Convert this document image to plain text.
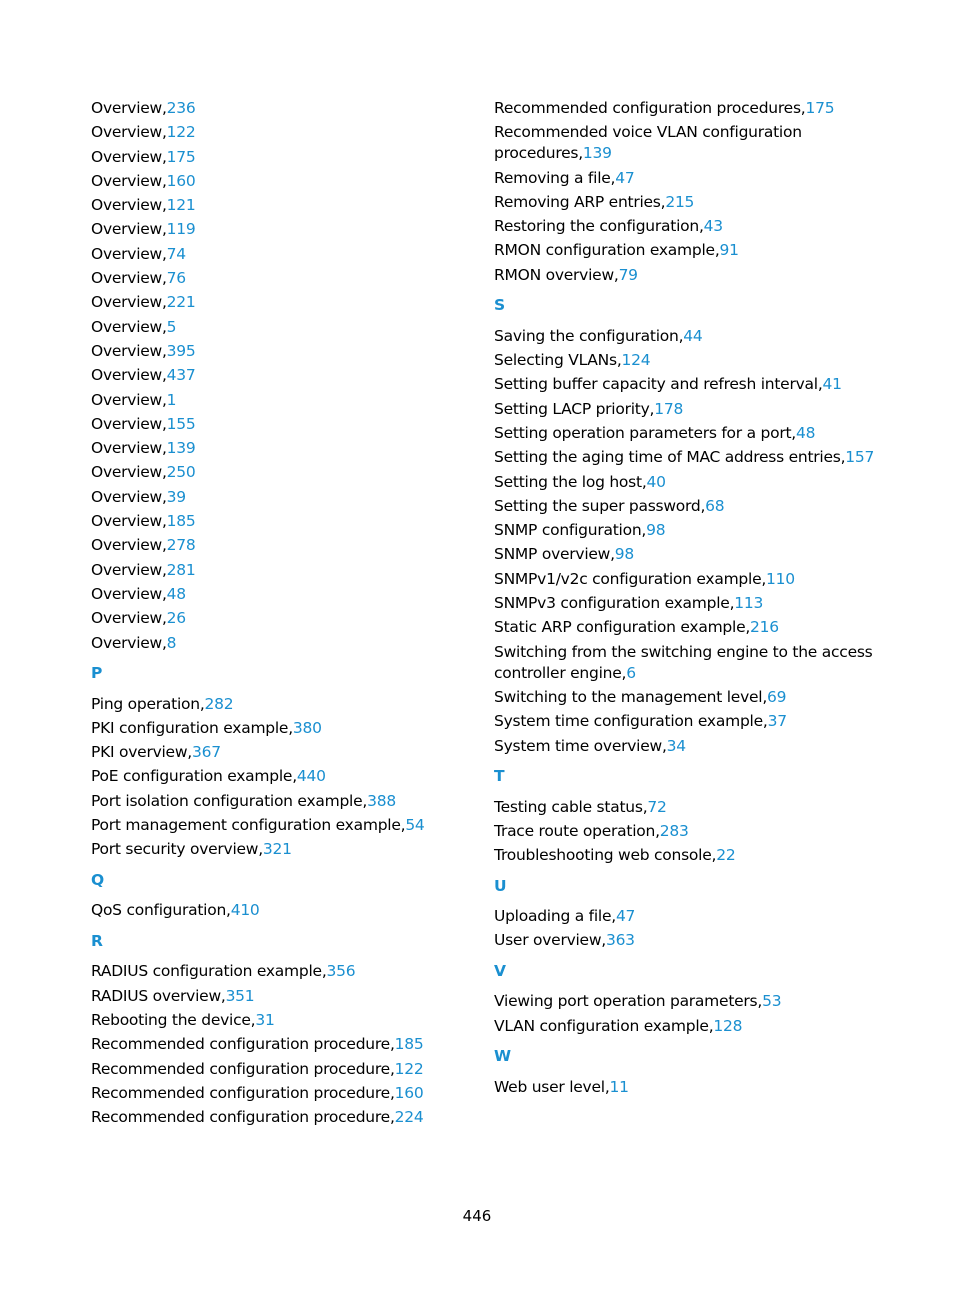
Overview,236
Overview,122
Overview,175
Overview,160
Overview,121
Overview,119
Overview,74
Overview,76
Overview,221
Overview,5
Overview,395
Overview,437
Overview,1
Overview,155
Overview,139
Overview,250
Overview,39
Overview,185
Overview,278
Overview,281
Overview,48
Overview,26
Overview,8
P
Ping operation,282
PKI configuration example,380
PKI overview,367
PoE configuration example,440
Port isolation configuration example,388
Port management configuration example,54
Port security overview,321
Q
QoS configuration,410
R
RADIUS configuration example,356
RADIUS overview,351
Rebooting the device,31
Recommended configuration procedure,185
Recommended configuration procedure,122
Recommended configuration procedure,160
Recommended configuration procedure,224
Recommended configuration procedures,175
Recommended voice VLAN configuration procedures,139
Removing a file,47
Removing ARP entries,215
Restoring the configuration,43
RMON configuration example,91
RMON overview,79
S
Saving the configuration,44
Selecting VLANs,124
Setting buffer capacity and refresh interval,41
Setting LACP priority,178
Setting operation parameters for a port,48
Setting the aging time of MAC address entries,157
Setting the log host,40
Setting the super password,68
SNMP configuration,98
SNMP overview,98
SNMPv1/v2c configuration example,110
SNMPv3 configuration example,113
Static ARP configuration example,216
Switching from the switching engine to the access controller engine,6
Switching to the management level,69
System time configuration example,37
System time overview,34
T
Testing cable status,72
Trace route operation,283
Troubleshooting web console,22
U
Uploading a file,47
User overview,363
V
Viewing port operation parameters,53
VLAN configuration example,128
W
Web user level,11
446
